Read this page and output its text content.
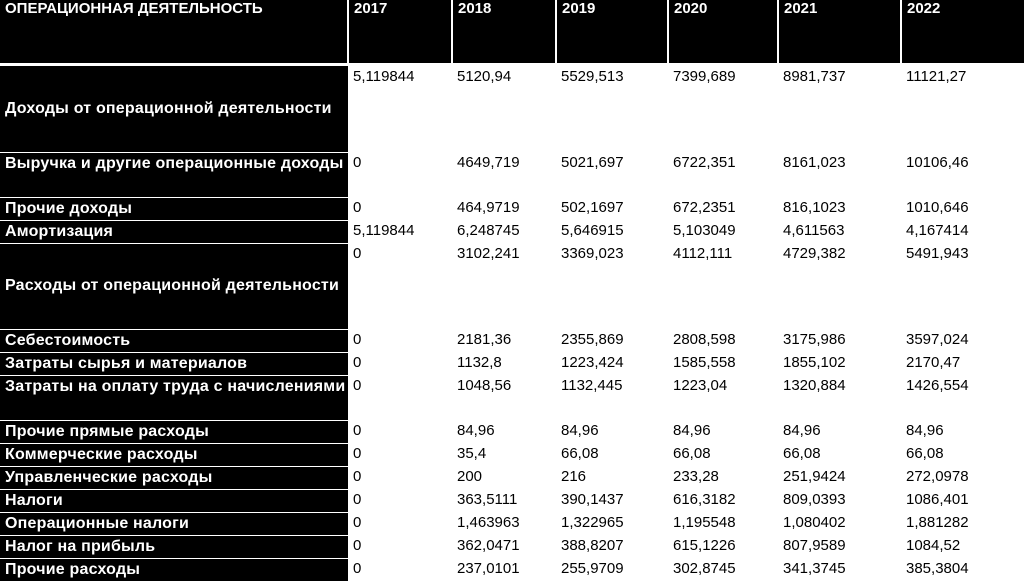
ОПЕРАЦИОННАЯ ДЕЯТЕЛЬНОСТЬ	2017	2018	2019	2020	2021	2022

Доходы от операционной деятельности	5,119844	5120,94	5529,513	7399,689	8981,737	11121,27
Выручка и другие операционные доходы	0	4649,719	5021,697	6722,351	8161,023	10106,46
Прочие доходы	0	464,9719	502,1697	672,2351	816,1023	1010,646
Амортизация	5,119844	6,248745	5,646915	5,103049	4,611563	4,167414
Расходы от операционной деятельности	0	3102,241	3369,023	4112,111	4729,382	5491,943
Себестоимость	0	2181,36	2355,869	2808,598	3175,986	3597,024
Затраты сырья и материалов	0	1132,8	1223,424	1585,558	1855,102	2170,47
Затраты на оплату труда с начислениями	0	1048,56	1132,445	1223,04	1320,884	1426,554
Прочие прямые расходы	0	84,96	84,96	84,96	84,96	84,96
Коммерческие расходы	0	35,4	66,08	66,08	66,08	66,08
Управленческие расходы	0	200	216	233,28	251,9424	272,0978
Налоги	0	363,5111	390,1437	616,3182	809,0393	1086,401
Операционные налоги	0	1,463963	1,322965	1,195548	1,080402	1,881282
Налог на прибыль	0	362,0471	388,8207	615,1226	807,9589	1084,52
Прочие расходы	0	237,0101	255,9709	302,8745	341,3745	385,3804
